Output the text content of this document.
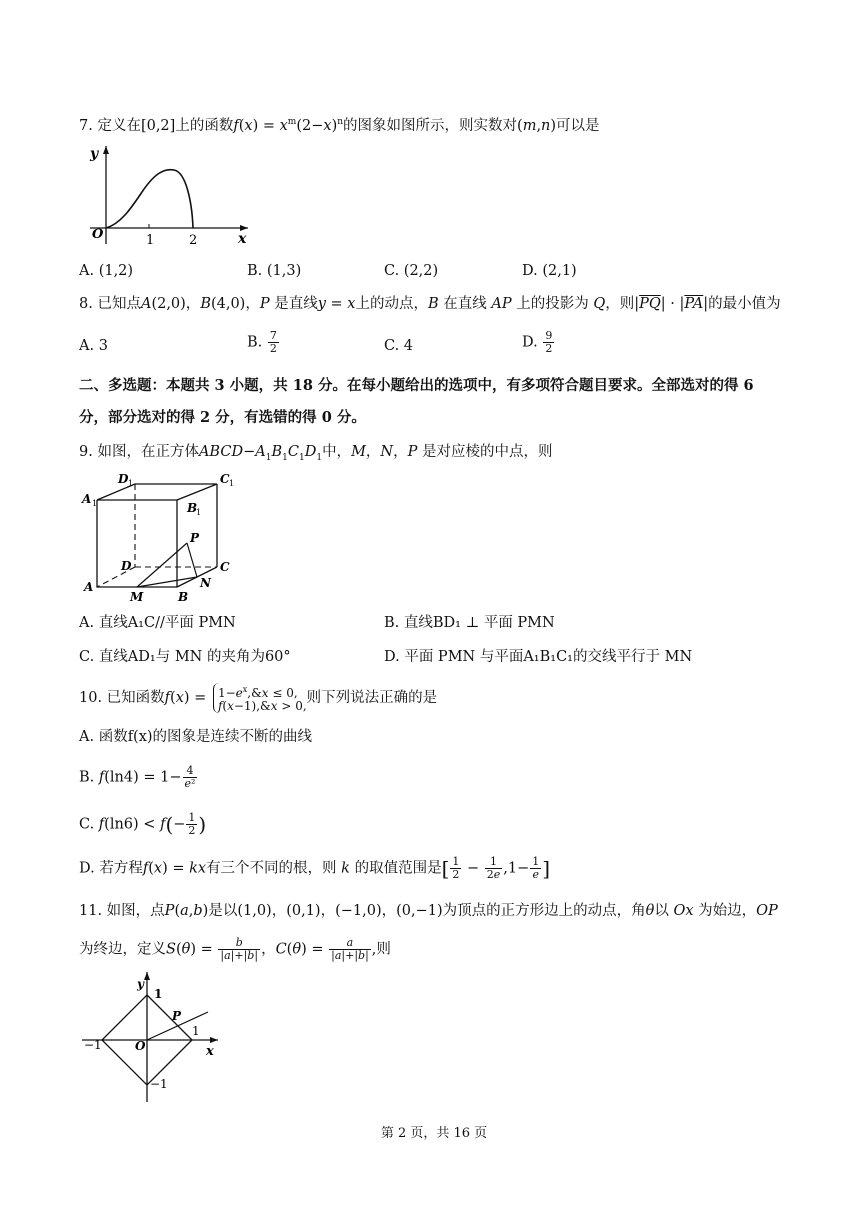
7. 定义在[0,2]上的函数$f(x) = x^m(2-x)^n$的图象如图所示，则实数对(m,n)可以是
y
x
O	1	2
A. (1,2)	B. (1,3)	C. (2,2)	D. (2,1)
8. 已知点A(2,0)，B(4,0)，P 是直线y = x上的动点，B 在直线 AP 上的投影为 Q，则$|\overline{PQ}| \cdot |\overline{PA}|$的最小值为
A. 3	B. $\frac{7}{2}$	C. 4	D. $\frac{9}{2}$
二、多选题：本题共 3 小题，共 18 分。在每小题给出的选项中，有多项符合题目要求。全部选对的得 6
分，部分选对的得 2 分，有选错的得 0 分。
9. 如图，在正方体$ABCD-A_1B_1C_1D_1$中，M，N，P 是对应棱的中点，则
A 1
D 1	C 1
B
1
P
D	C
N
A
M	B
A. 直线A₁C//平面 PMN	B. 直线BD₁ ⊥ 平面 PMN
C. 直线AD₁与 MN 的夹角为60°	D. 平面 PMN 与平面A₁B₁C₁的交线平行于 MN
10. 已知函数$f(x) = 1-e^x,\&x \le 0$,
f(x−1),&x > 0,则下列说法正确的是
A. 函数f(x)的图象是连续不断的曲线
B. $f(\ln 4) = 1- \frac{4}{\text{e²}}$
C. $f(\ln 6) < f(- \frac{1}{2}$ )
D. 若方程f(x) = kx有三个不同的根，则 k 的取值范围是[ $\frac{1}{2} - \frac{1}{2e} ,1- \frac{1}{e}$ ]
11. 如图，点P(a,b)是以(1,0)，(0,1)，(−1,0)，(0,−1)为顶点的正方形边上的动点，角θ以 Ox 为始边，OP
为终边，定义$S(\theta) = \frac{b}{|a|+|b|}$ ，$C(\theta) = \frac{a}{|a|+|b|}$ ,则
y
1
P
1
−1	O	x
−1
第 2 页，共 16 页
